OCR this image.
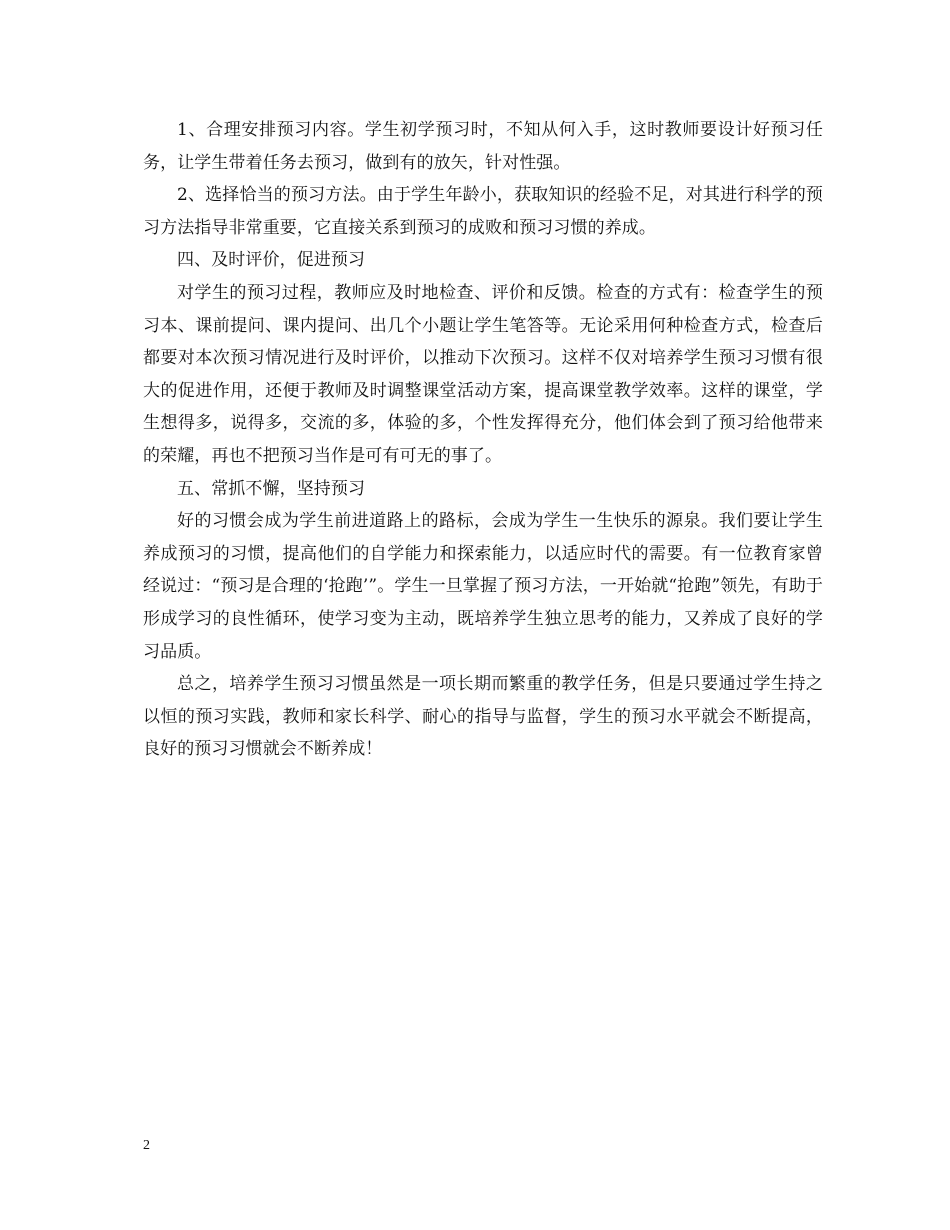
1、合理安排预习内容。学生初学预习时，不知从何入手，这时教师要设计好预习任务，让学生带着任务去预习，做到有的放矢，针对性强。

2、选择恰当的预习方法。由于学生年龄小，获取知识的经验不足，对其进行科学的预习方法指导非常重要，它直接关系到预习的成败和预习习惯的养成。

四、及时评价，促进预习

对学生的预习过程，教师应及时地检查、评价和反馈。检查的方式有：检查学生的预习本、课前提问、课内提问、出几个小题让学生笔答等。无论采用何种检查方式，检查后都要对本次预习情况进行及时评价，以推动下次预习。这样不仅对培养学生预习习惯有很大的促进作用，还便于教师及时调整课堂活动方案，提高课堂教学效率。这样的课堂，学生想得多，说得多，交流的多，体验的多，个性发挥得充分，他们体会到了预习给他带来的荣耀，再也不把预习当作是可有可无的事了。

五、常抓不懈，坚持预习

好的习惯会成为学生前进道路上的路标，会成为学生一生快乐的源泉。我们要让学生养成预习的习惯，提高他们的自学能力和探索能力，以适应时代的需要。有一位教育家曾经说过：“预习是合理的‘抢跑’”。学生一旦掌握了预习方法，一开始就“抢跑”领先，有助于形成学习的良性循环，使学习变为主动，既培养学生独立思考的能力，又养成了良好的学习品质。

总之，培养学生预习习惯虽然是一项长期而繁重的教学任务，但是只要通过学生持之以恒的预习实践，教师和家长科学、耐心的指导与监督，学生的预习水平就会不断提高，良好的预习习惯就会不断养成！

2
